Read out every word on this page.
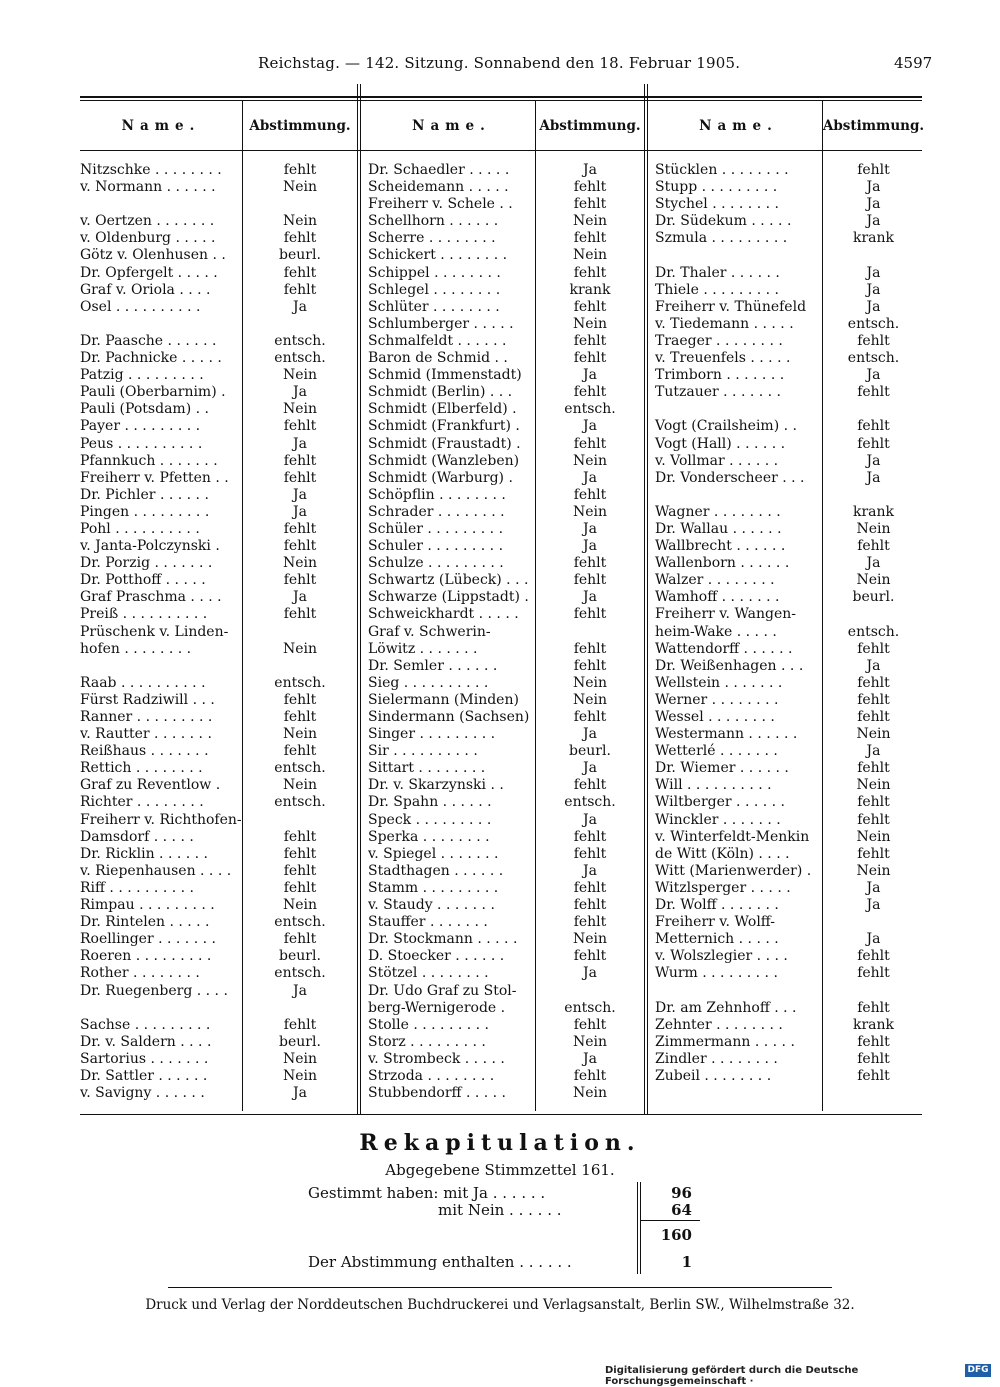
Reichstag. — 142. Sitzung. Sonnabend den 18. Februar 1905.	4597
Name.	Abstimmung.
Nitzschke . . . . . . . .	fehlt
v. Normann . . . . . .	Nein
v. Oertzen . . . . . . .	Nein
v. Oldenburg . . . . .	fehlt
Götz v. Olenhusen . .	beurl.
Dr. Opfergelt . . . . .	fehlt
Graf v. Oriola . . . .	fehlt
Osel . . . . . . . . . .	Ja
Dr. Paasche . . . . . .	entsch.
Dr. Pachnicke . . . . .	entsch.
Patzig . . . . . . . . .	Nein
Pauli (Oberbarnim) .	Ja
Pauli (Potsdam) . .	Nein
Payer . . . . . . . . .	fehlt
Peus . . . . . . . . . .	Ja
Pfannkuch . . . . . . .	fehlt
Freiherr v. Pfetten . .	fehlt
Dr. Pichler . . . . . .	Ja
Pingen . . . . . . . . .	Ja
Pohl . . . . . . . . . .	fehlt
v. Janta-Polczynski .	fehlt
Dr. Porzig . . . . . . .	Nein
Dr. Potthoff . . . . .	fehlt
Graf Praschma . . . .	Ja
Preiß . . . . . . . . . .	fehlt
Prüschenk v. Linden-
hofen . . . . . . . .	Nein
Raab . . . . . . . . . .	entsch.
Fürst Radziwill . . .	fehlt
Ranner . . . . . . . . .	fehlt
v. Rautter . . . . . . .	Nein
Reißhaus . . . . . . .	fehlt
Rettich . . . . . . . .	entsch.
Graf zu Reventlow .	Nein
Richter . . . . . . . .	entsch.
Freiherr v. Richthofen-
Damsdorf . . . . .	fehlt
Dr. Ricklin . . . . . .	fehlt
v. Riepenhausen . . . .	fehlt
Riff . . . . . . . . . .	fehlt
Rimpau . . . . . . . . .	Nein
Dr. Rintelen . . . . .	entsch.
Roellinger . . . . . . .	fehlt
Roeren . . . . . . . . .	beurl.
Rother . . . . . . . .	entsch.
Dr. Ruegenberg . . . .	Ja
Sachse . . . . . . . . .	fehlt
Dr. v. Saldern . . . .	beurl.
Sartorius . . . . . . .	Nein
Dr. Sattler . . . . . .	Nein
v. Savigny . . . . . .	Ja
Name.	Abstimmung.
Dr. Schaedler . . . . .	Ja
Scheidemann . . . . .	fehlt
Freiherr v. Schele . .	fehlt
Schellhorn . . . . . .	Nein
Scherre . . . . . . . .	fehlt
Schickert . . . . . . . .	Nein
Schippel . . . . . . . .	fehlt
Schlegel . . . . . . . .	krank
Schlüter . . . . . . . .	fehlt
Schlumberger . . . . .	Nein
Schmalfeldt . . . . . .	fehlt
Baron de Schmid . .	fehlt
Schmid (Immenstadt)	Ja
Schmidt (Berlin) . . .	fehlt
Schmidt (Elberfeld) .	entsch.
Schmidt (Frankfurt) .	Ja
Schmidt (Fraustadt) .	fehlt
Schmidt (Wanzleben)	Nein
Schmidt (Warburg) .	Ja
Schöpflin . . . . . . . .	fehlt
Schrader . . . . . . . .	Nein
Schüler . . . . . . . . .	Ja
Schuler . . . . . . . . .	Ja
Schulze . . . . . . . . .	fehlt
Schwartz (Lübeck) . . .	fehlt
Schwarze (Lippstadt) .	Ja
Schweickhardt . . . . .	fehlt
Graf v. Schwerin-
Löwitz . . . . . . .	fehlt
Dr. Semler . . . . . .	fehlt
Sieg . . . . . . . . . .	Nein
Sielermann (Minden)	Nein
Sindermann (Sachsen)	fehlt
Singer . . . . . . . . .	Ja
Sir . . . . . . . . . .	beurl.
Sittart . . . . . . . .	Ja
Dr. v. Skarzynski . .	fehlt
Dr. Spahn . . . . . .	entsch.
Speck . . . . . . . . .	Ja
Sperka . . . . . . . .	fehlt
v. Spiegel . . . . . . .	fehlt
Stadthagen . . . . . .	Ja
Stamm . . . . . . . . .	fehlt
v. Staudy . . . . . . .	fehlt
Stauffer . . . . . . .	fehlt
Dr. Stockmann . . . . .	Nein
D. Stoecker . . . . . .	fehlt
Stötzel . . . . . . . .	Ja
Dr. Udo Graf zu Stol-
berg-Wernigerode .	entsch.
Stolle . . . . . . . . .	fehlt
Storz . . . . . . . . .	Nein
v. Strombeck . . . . .	Ja
Strzoda . . . . . . . .	fehlt
Stubbendorff . . . . .	Nein
Name.	Abstimmung.
Stücklen . . . . . . . .	fehlt
Stupp . . . . . . . . .	Ja
Stychel . . . . . . . .	Ja
Dr. Südekum . . . . .	Ja
Szmula . . . . . . . . .	krank
Dr. Thaler . . . . . .	Ja
Thiele . . . . . . . . .	Ja
Freiherr v. Thünefeld	Ja
v. Tiedemann . . . . .	entsch.
Traeger . . . . . . . .	fehlt
v. Treuenfels . . . . .	entsch.
Trimborn . . . . . . .	Ja
Tutzauer . . . . . . .	fehlt
Vogt (Crailsheim) . .	fehlt
Vogt (Hall) . . . . . .	fehlt
v. Vollmar . . . . . .	Ja
Dr. Vonderscheer . . .	Ja
Wagner . . . . . . . .	krank
Dr. Wallau . . . . . .	Nein
Wallbrecht . . . . . .	fehlt
Wallenborn . . . . . .	Ja
Walzer . . . . . . . .	Nein
Wamhoff . . . . . . .	beurl.
Freiherr v. Wangen-
heim-Wake . . . . .	entsch.
Wattendorff . . . . . .	fehlt
Dr. Weißenhagen . . .	Ja
Wellstein . . . . . . .	fehlt
Werner . . . . . . . .	fehlt
Wessel . . . . . . . .	fehlt
Westermann . . . . . .	Nein
Wetterlé . . . . . . .	Ja
Dr. Wiemer . . . . . .	fehlt
Will . . . . . . . . . .	Nein
Wiltberger . . . . . .	fehlt
Winckler . . . . . . .	fehlt
v. Winterfeldt-Menkin	Nein
de Witt (Köln) . . . .	fehlt
Witt (Marienwerder) .	Nein
Witzlsperger . . . . .	Ja
Dr. Wolff . . . . . . .	Ja
Freiherr v. Wolff-
Metternich . . . . .	Ja
v. Wolszlegier . . . .	fehlt
Wurm . . . . . . . . .	fehlt
Dr. am Zehnhoff . . .	fehlt
Zehnter . . . . . . . .	krank
Zimmermann . . . . .	fehlt
Zindler . . . . . . . .	fehlt
Zubeil . . . . . . . .	fehlt
Rekapitulation.
Abgegebene Stimmzettel 161.
Gestimmt haben: mit Ja . . . . . .	96
mit Nein . . . . . .	64
160
Der Abstimmung enthalten . . . . . .	1
Druck und Verlag der Norddeutschen Buchdruckerei und Verlagsanstalt, Berlin SW., Wilhelmstraße 32.
Digitalisierung gefördert durch die Deutsche Forschungsgemeinschaft ·
DFG
